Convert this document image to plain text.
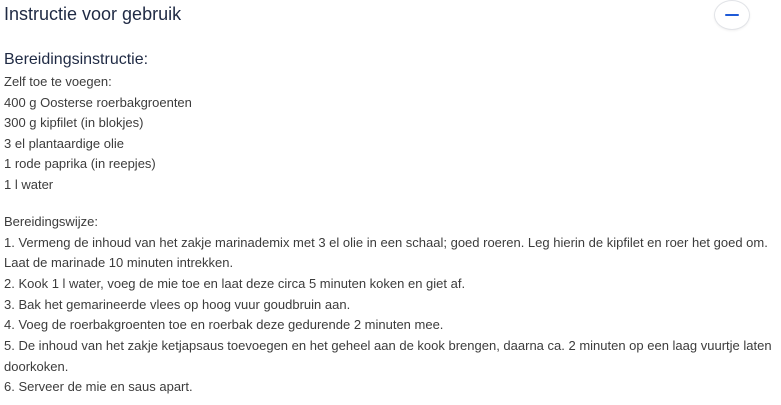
Instructie voor gebruik
Bereidingsinstructie:
Zelf toe te voegen:
400 g Oosterse roerbakgroenten
300 g kipfilet (in blokjes)
3 el plantaardige olie
1 rode paprika (in reepjes)
1 l water
Bereidingswijze:
1. Vermeng de inhoud van het zakje marinademix met 3 el olie in een schaal; goed roeren. Leg hierin de kipfilet en roer het goed om. Laat de marinade 10 minuten intrekken.
2. Kook 1 l water, voeg de mie toe en laat deze circa 5 minuten koken en giet af.
3. Bak het gemarineerde vlees op hoog vuur goudbruin aan.
4. Voeg de roerbakgroenten toe en roerbak deze gedurende 2 minuten mee.
5. De inhoud van het zakje ketjapsaus toevoegen en het geheel aan de kook brengen, daarna ca. 2 minuten op een laag vuurtje laten doorkoken.
6. Serveer de mie en saus apart.
